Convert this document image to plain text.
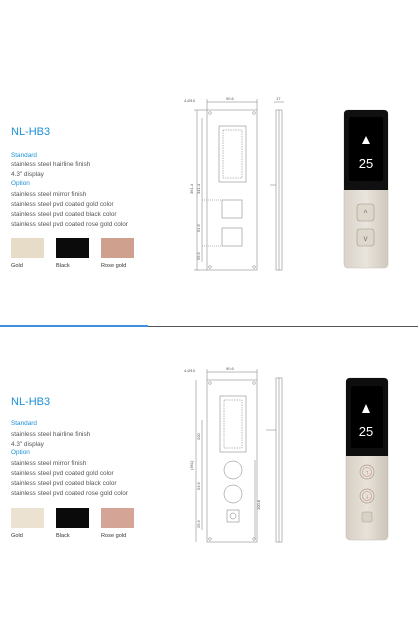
NL-HB3
Standard
stainless steel hairline finish
4.3" display
Option
stainless steel mirror finish
stainless steel pvd coated gold color
stainless steel pvd coated black color
stainless steel pvd coated rose gold color
Gold	Black	Rose gold
4-Ø10	90.6	17
361.4 341.4
51.6
55.5
25
^
v
NL-HB3
Standard
stainless steel hairline finish
4.3" display
Option
stainless steel mirror finish
stainless steel pvd coated gold color
stainless steel pvd coated black color
stainless steel pvd coated rose gold color
Gold	Black	Rose gold
4-Ø10	90.6
(361)
200
53.6
100.8
29.9
25
↑
↓
